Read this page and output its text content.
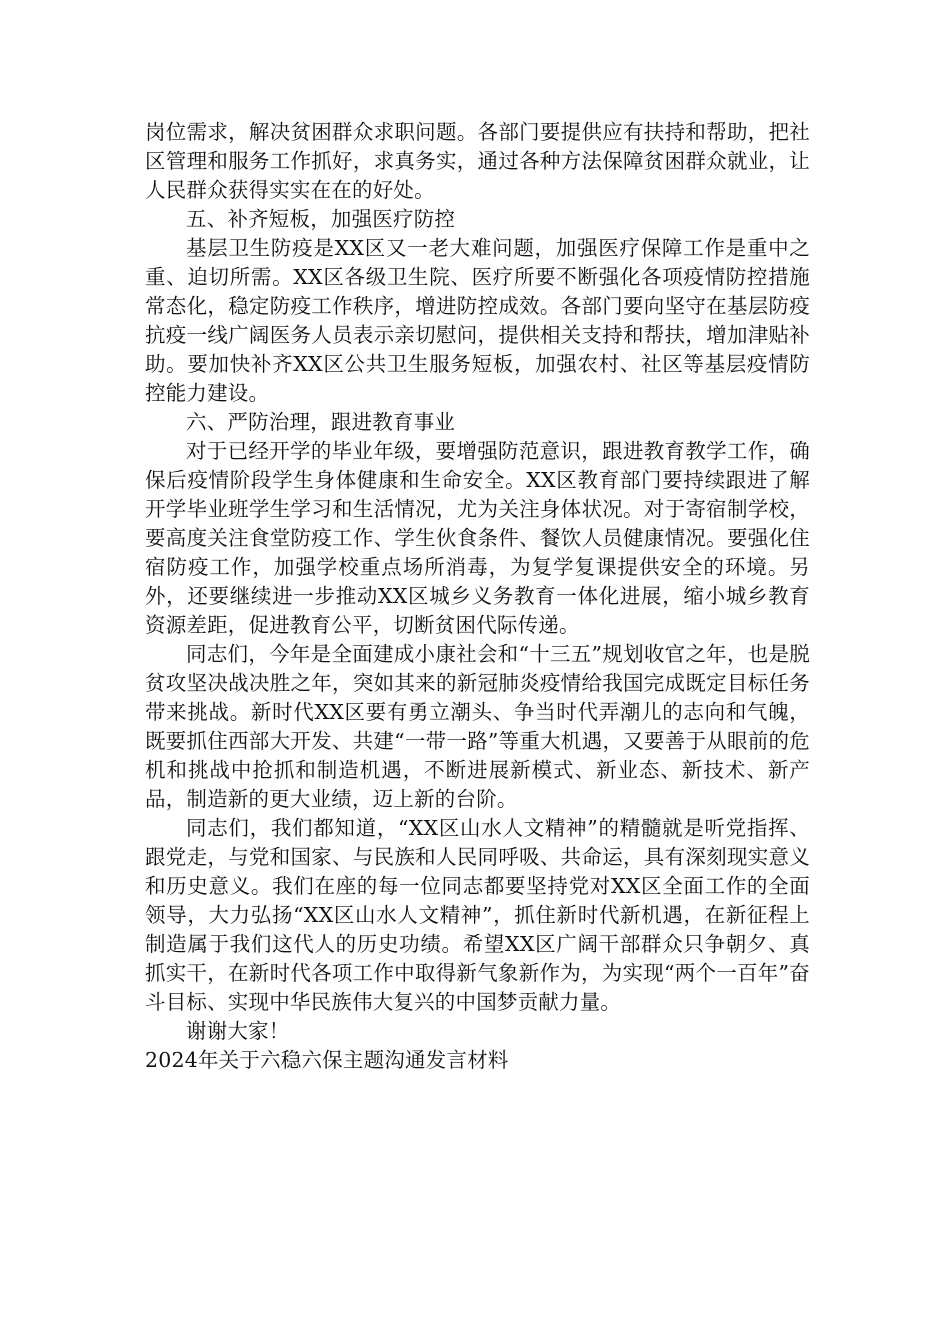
岗位需求，解决贫困群众求职问题。各部门要提供应有扶持和帮助，把社区管理和服务工作抓好，求真务实，通过各种方法保障贫困群众就业，让人民群众获得实实在在的好处。

五、补齐短板，加强医疗防控

基层卫生防疫是XX区又一老大难问题，加强医疗保障工作是重中之重、迫切所需。XX区各级卫生院、医疗所要不断强化各项疫情防控措施常态化，稳定防疫工作秩序，增进防控成效。各部门要向坚守在基层防疫抗疫一线广阔医务人员表示亲切慰问，提供相关支持和帮扶，增加津贴补助。要加快补齐XX区公共卫生服务短板，加强农村、社区等基层疫情防控能力建设。

六、严防治理，跟进教育事业

对于已经开学的毕业年级，要增强防范意识，跟进教育教学工作，确保后疫情阶段学生身体健康和生命安全。XX区教育部门要持续跟进了解开学毕业班学生学习和生活情况，尤为关注身体状况。对于寄宿制学校，要高度关注食堂防疫工作、学生伙食条件、餐饮人员健康情况。要强化住宿防疫工作，加强学校重点场所消毒，为复学复课提供安全的环境。另外，还要继续进一步推动XX区城乡义务教育一体化进展，缩小城乡教育资源差距，促进教育公平，切断贫困代际传递。

同志们，今年是全面建成小康社会和“十三五”规划收官之年，也是脱贫攻坚决战决胜之年，突如其来的新冠肺炎疫情给我国完成既定目标任务带来挑战。新时代XX区要有勇立潮头、争当时代弄潮儿的志向和气魄，既要抓住西部大开发、共建“一带一路”等重大机遇，又要善于从眼前的危机和挑战中抢抓和制造机遇，不断进展新模式、新业态、新技术、新产品，制造新的更大业绩，迈上新的台阶。

同志们，我们都知道，“XX区山水人文精神”的精髓就是听党指挥、跟党走，与党和国家、与民族和人民同呼吸、共命运，具有深刻现实意义和历史意义。我们在座的每一位同志都要坚持党对XX区全面工作的全面领导，大力弘扬“XX区山水人文精神”，抓住新时代新机遇，在新征程上制造属于我们这代人的历史功绩。希望XX区广阔干部群众只争朝夕、真抓实干，在新时代各项工作中取得新气象新作为，为实现“两个一百年”奋斗目标、实现中华民族伟大复兴的中国梦贡献力量。

谢谢大家！

2024年关于六稳六保主题沟通发言材料
